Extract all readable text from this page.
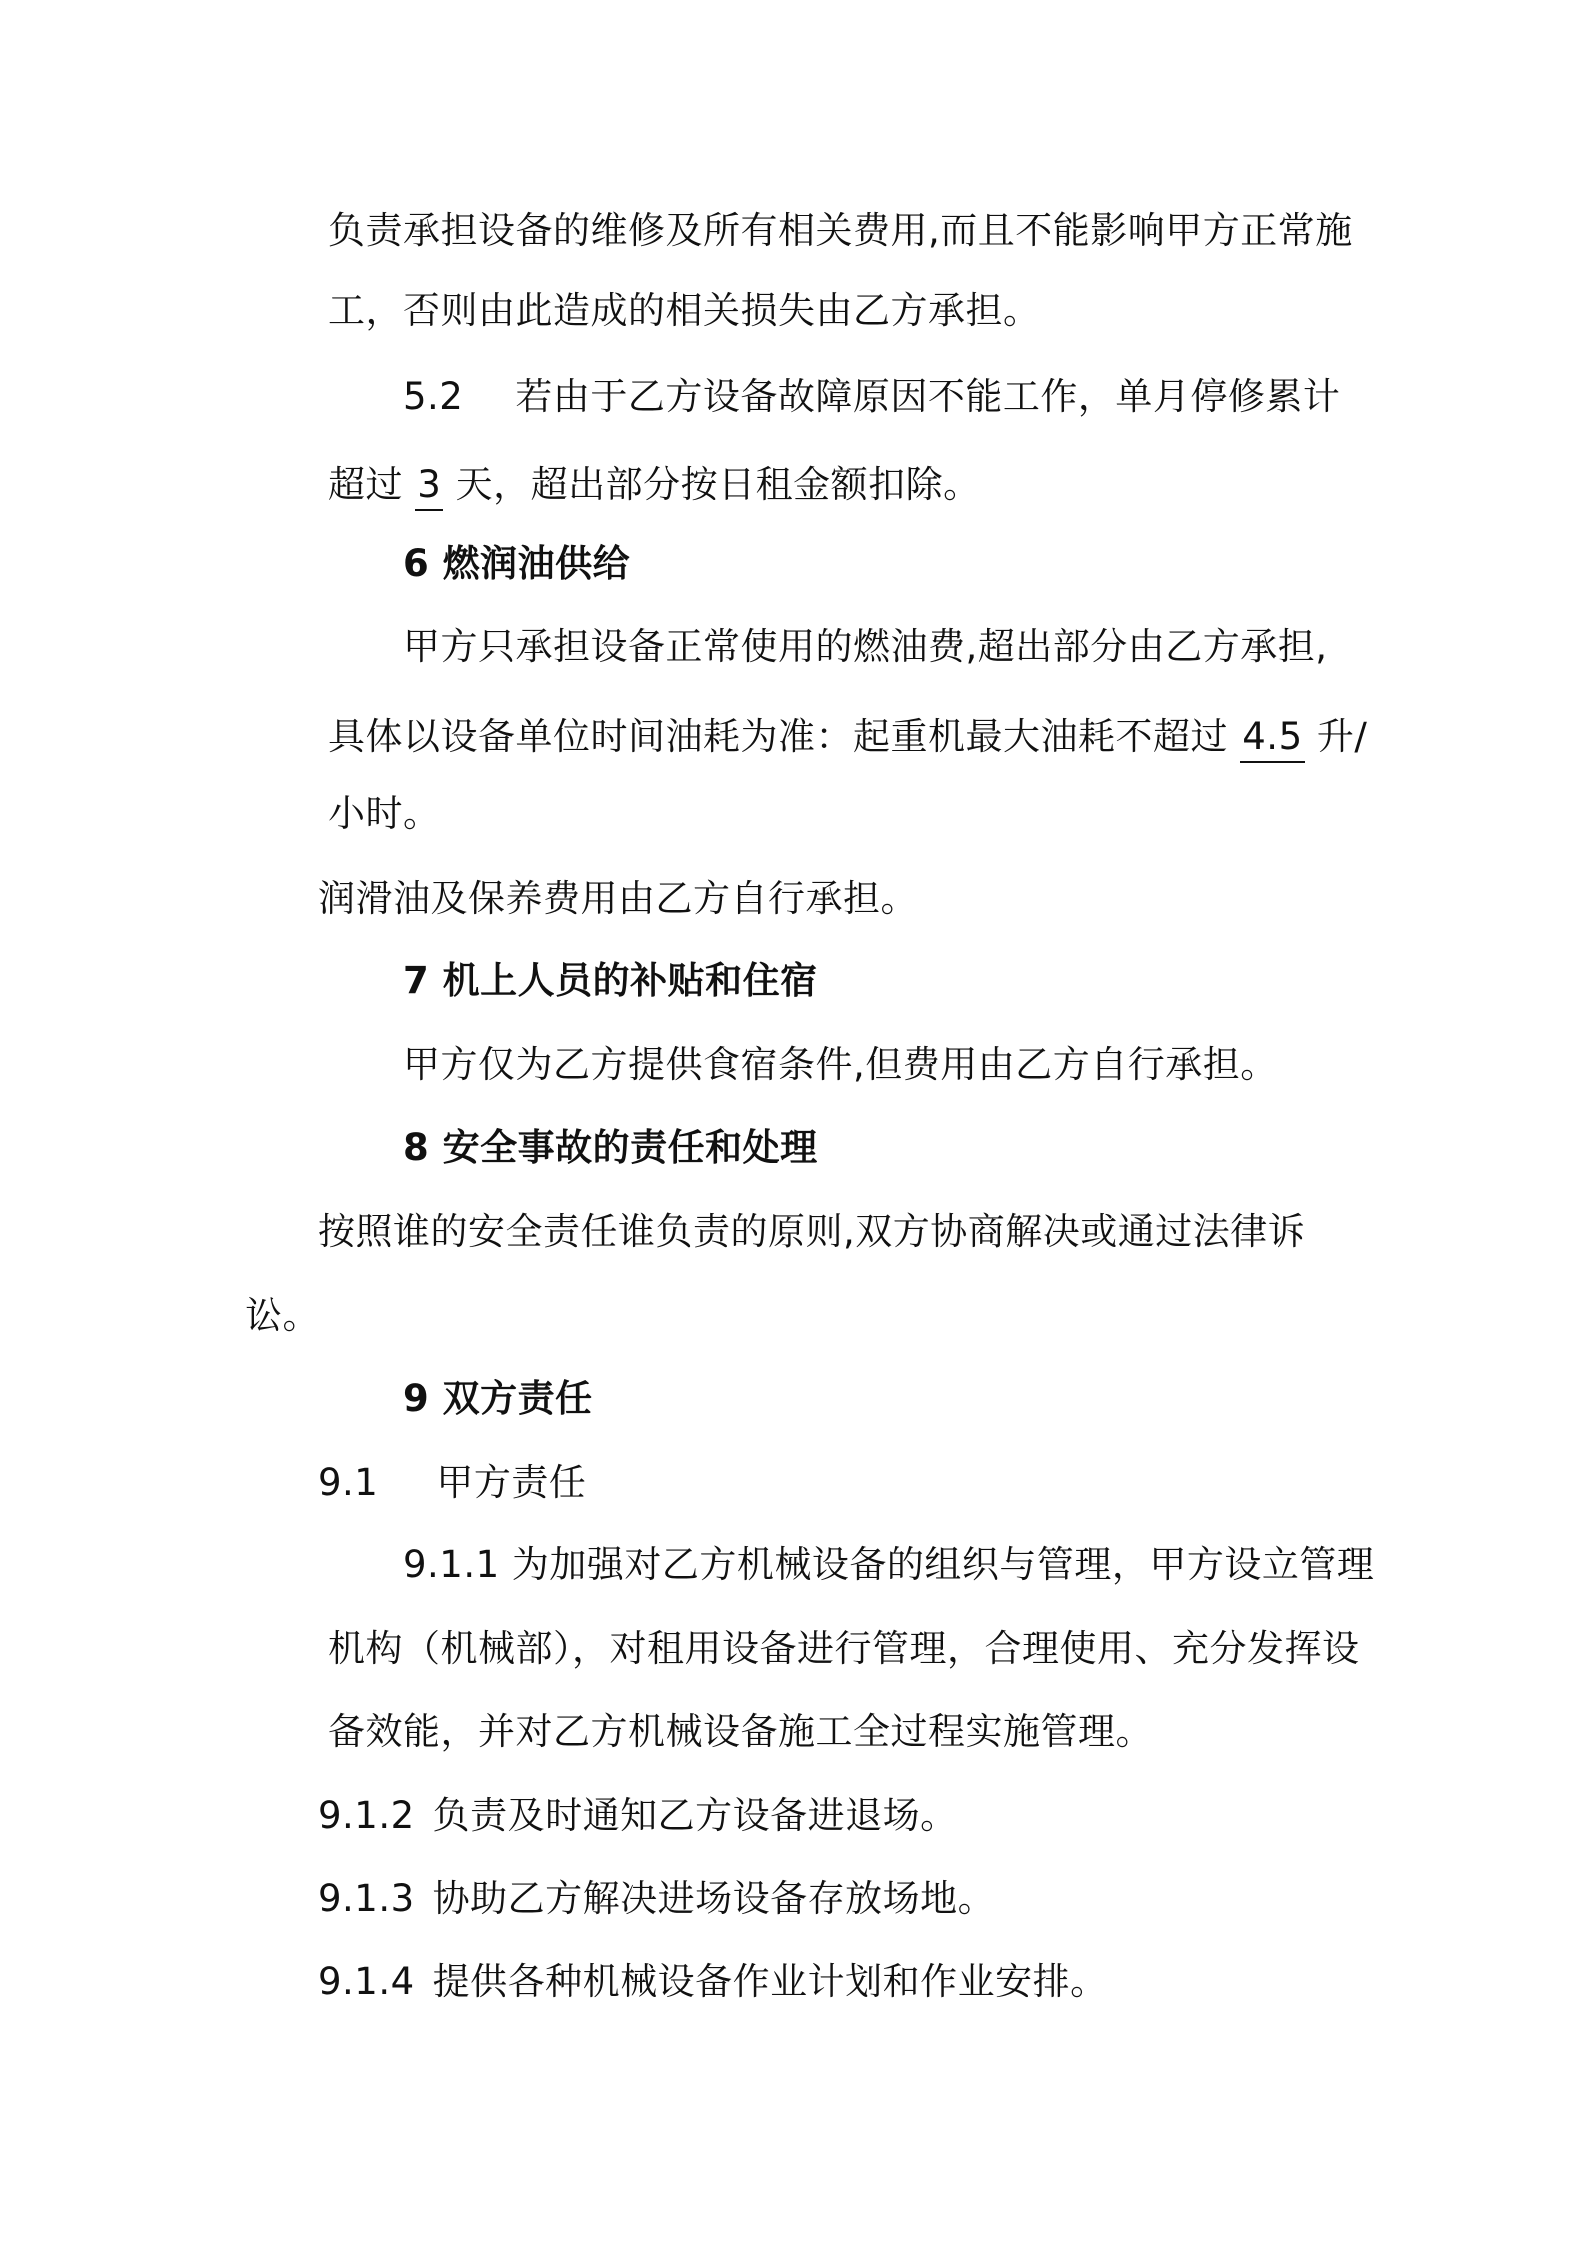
负责承担设备的维修及所有相关费用,而且不能影响甲方正常施
工，否则由此造成的相关损失由乙方承担。
5.2 若由于乙方设备故障原因不能工作，单月停修累计
超过 3 天，超出部分按日租金额扣除。
6 燃润油供给
甲方只承担设备正常使用的燃油费,超出部分由乙方承担,
具体以设备单位时间油耗为准：起重机最大油耗不超过 4.5 升/
小时。
润滑油及保养费用由乙方自行承担。
7 机上人员的补贴和住宿
甲方仅为乙方提供食宿条件,但费用由乙方自行承担。
8 安全事故的责任和处理
按照谁的安全责任谁负责的原则,双方协商解决或通过法律诉
讼。
9 双方责任
9.1 甲方责任
9.1.1 为加强对乙方机械设备的组织与管理，甲方设立管理
机构（机械部），对租用设备进行管理，合理使用、充分发挥设
备效能，并对乙方机械设备施工全过程实施管理。
9.1.2 负责及时通知乙方设备进退场。
9.1.3 协助乙方解决进场设备存放场地。
9.1.4 提供各种机械设备作业计划和作业安排。
